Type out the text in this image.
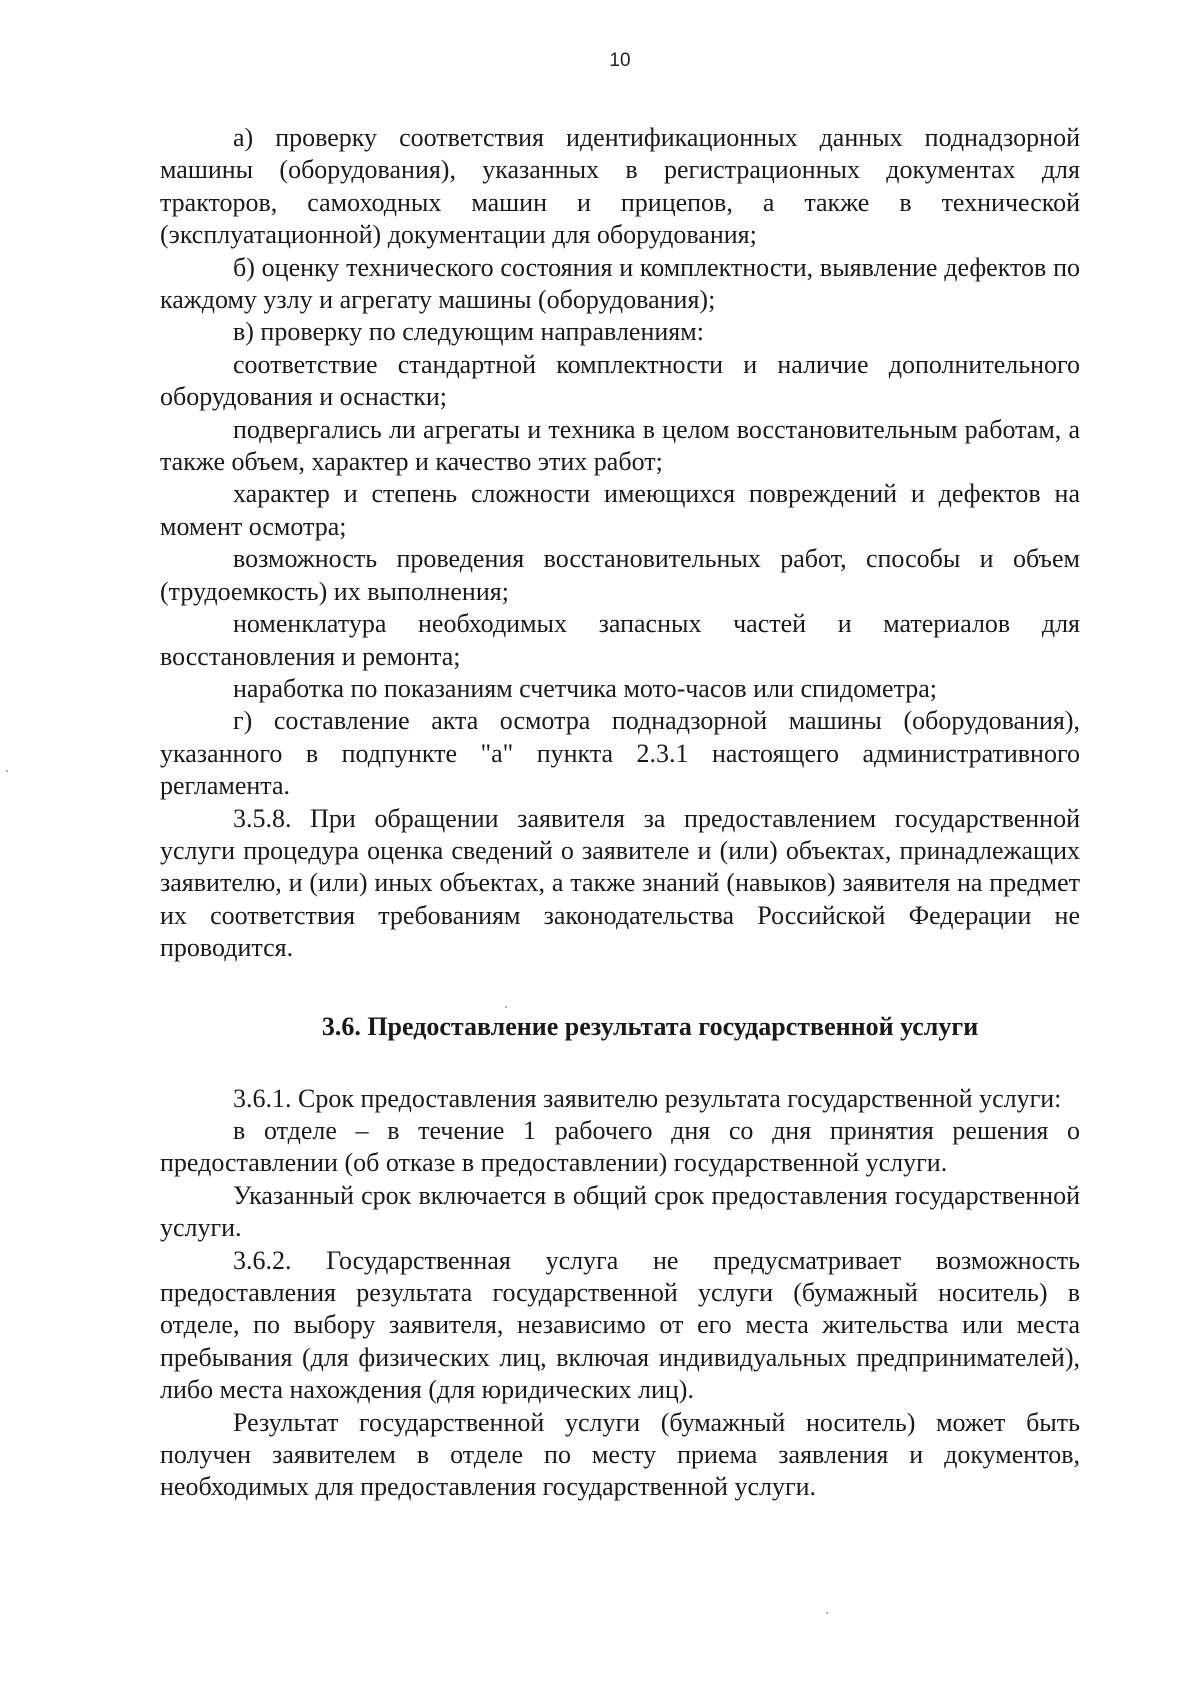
10

а) проверку соответствия идентификационных данных поднадзорной машины (оборудования), указанных в регистрационных документах для тракторов, самоходных машин и прицепов, а также в технической (эксплуатационной) документации для оборудования;

б) оценку технического состояния и комплектности, выявление дефектов по каждому узлу и агрегату машины (оборудования);

в) проверку по следующим направлениям:

соответствие стандартной комплектности и наличие дополнительного оборудования и оснастки;

подвергались ли агрегаты и техника в целом восстановительным работам, а также объем, характер и качество этих работ;

характер и степень сложности имеющихся повреждений и дефектов на момент осмотра;

возможность проведения восстановительных работ, способы и объем (трудоемкость) их выполнения;

номенклатура необходимых запасных частей и материалов для восстановления и ремонта;

наработка по показаниям счетчика мото-часов или спидометра;

г) составление акта осмотра поднадзорной машины (оборудования), указанного в подпункте "а" пункта 2.3.1 настоящего административного регламента.

3.5.8. При обращении заявителя за предоставлением государственной услуги процедура оценка сведений о заявителе и (или) объектах, принадлежащих заявителю, и (или) иных объектах, а также знаний (навыков) заявителя на предмет их соответствия требованиям законодательства Российской Федерации не проводится.

3.6. Предоставление результата государственной услуги

3.6.1. Срок предоставления заявителю результата государственной услуги:

в отделе – в течение 1 рабочего дня со дня принятия решения о предоставлении (об отказе в предоставлении) государственной услуги.

Указанный срок включается в общий срок предоставления государственной услуги.

3.6.2. Государственная услуга не предусматривает возможность предоставления результата государственной услуги (бумажный носитель) в отделе, по выбору заявителя, независимо от его места жительства или места пребывания (для физических лиц, включая индивидуальных предпринимателей), либо места нахождения (для юридических лиц).

Результат государственной услуги (бумажный носитель) может быть получен заявителем в отделе по месту приема заявления и документов, необходимых для предоставления государственной услуги.
